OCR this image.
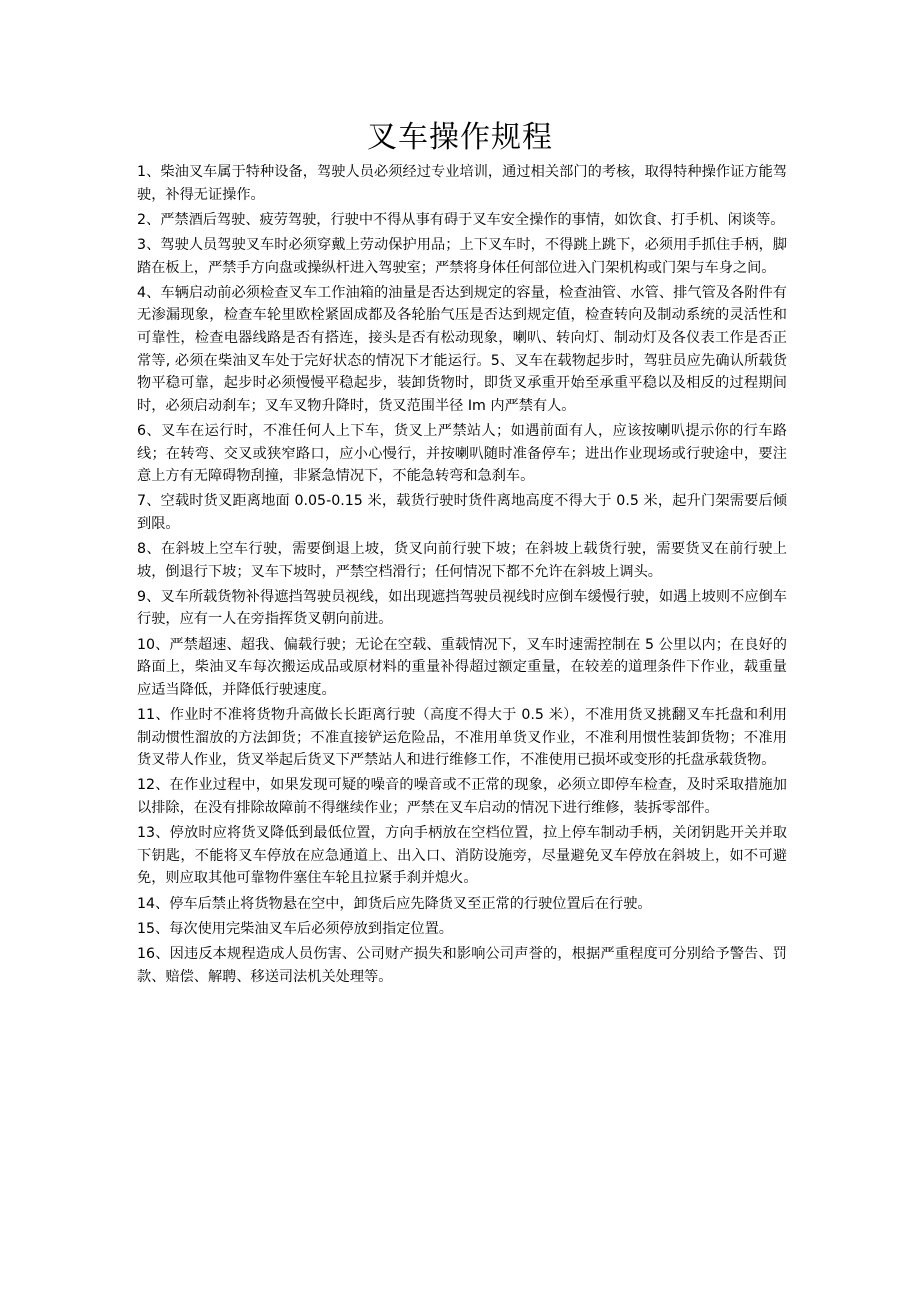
叉车操作规程
1、柴油叉车属于特种设备，驾驶人员必须经过专业培训，通过相关部门的考核，取得特种操作证方能驾驶，补得无证操作。
2、严禁酒后驾驶、疲劳驾驶，行驶中不得从事有碍于叉车安全操作的事情，如饮食、打手机、闲谈等。
3、驾驶人员驾驶叉车时必须穿戴上劳动保护用品；上下叉车时，不得跳上跳下，必须用手抓住手柄，脚踏在板上，严禁手方向盘或操纵杆进入驾驶室；严禁将身体任何部位进入门架机构或门架与车身之间。
4、车辆启动前必须检查叉车工作油箱的油量是否达到规定的容量，检查油管、水管、排气管及各附件有无渗漏现象，检查车轮里欧栓紧固成都及各轮胎气压是否达到规定值，检查转向及制动系统的灵活性和可靠性，检查电器线路是否有搭连，接头是否有松动现象，喇叭、转向灯、制动灯及各仪表工作是否正常等, 必须在柴油叉车处于完好状态的情况下才能运行。5、叉车在载物起步时，驾驻员应先确认所载货物平稳可靠，起步时必须慢慢平稳起步，装卸货物时，即货叉承重开始至承重平稳以及相反的过程期间时，必须启动刹车；叉车叉物升降时，货叉范围半径 Im 内严禁有人。
6、叉车在运行时，不准任何人上下车，货叉上严禁站人；如遇前面有人，应该按喇叭提示你的行车路线；在转弯、交叉或狭窄路口，应小心慢行，并按喇叭随时准备停车；进出作业现场或行驶途中，要注意上方有无障碍物刮撞，非紧急情况下，不能急转弯和急刹车。
7、空载时货叉距离地面 0.05-0.15 米，载货行驶时货件离地高度不得大于 0.5 米，起升门架需要后倾到限。
8、在斜坡上空车行驶，需要倒退上坡，货叉向前行驶下坡；在斜坡上载货行驶，需要货叉在前行驶上坡，倒退行下坡；叉车下坡时，严禁空档滑行；任何情况下都不允许在斜坡上调头。
9、叉车所载货物补得遮挡驾驶员视线，如出现遮挡驾驶员视线时应倒车缓慢行驶，如遇上坡则不应倒车行驶，应有一人在旁指挥货叉朝向前进。
10、严禁超速、超我、偏载行驶；无论在空载、重载情况下，叉车时速需控制在 5 公里以内；在良好的路面上，柴油叉车每次搬运成品或原材料的重量补得超过额定重量，在较差的道理条件下作业，载重量应适当降低，并降低行驶速度。
11、作业时不准将货物升高做长长距离行驶（高度不得大于 0.5 米），不准用货叉挑翻叉车托盘和利用制动惯性溜放的方法卸货；不准直接铲运危险品，不准用单货叉作业，不准利用惯性装卸货物；不准用货叉带人作业，货叉举起后货叉下严禁站人和进行维修工作，不准使用已损坏或变形的托盘承载货物。
12、在作业过程中，如果发现可疑的噪音的噪音或不正常的现象，必须立即停车检查，及时采取措施加以排除，在没有排除故障前不得继续作业；严禁在叉车启动的情况下进行维修，装拆零部件。
13、停放时应将货叉降低到最低位置，方向手柄放在空档位置，拉上停车制动手柄，关闭钥匙开关并取下钥匙，不能将叉车停放在应急通道上、出入口、消防设施旁，尽量避免叉车停放在斜坡上，如不可避免，则应取其他可靠物件塞住车轮且拉紧手刹并熄火。
14、停车后禁止将货物悬在空中，卸货后应先降货叉至正常的行驶位置后在行驶。
15、每次使用完柴油叉车后必须停放到指定位置。
16、因违反本规程造成人员伤害、公司财产损失和影响公司声誉的，根据严重程度可分别给予警告、罚款、赔偿、解聘、移送司法机关处理等。
